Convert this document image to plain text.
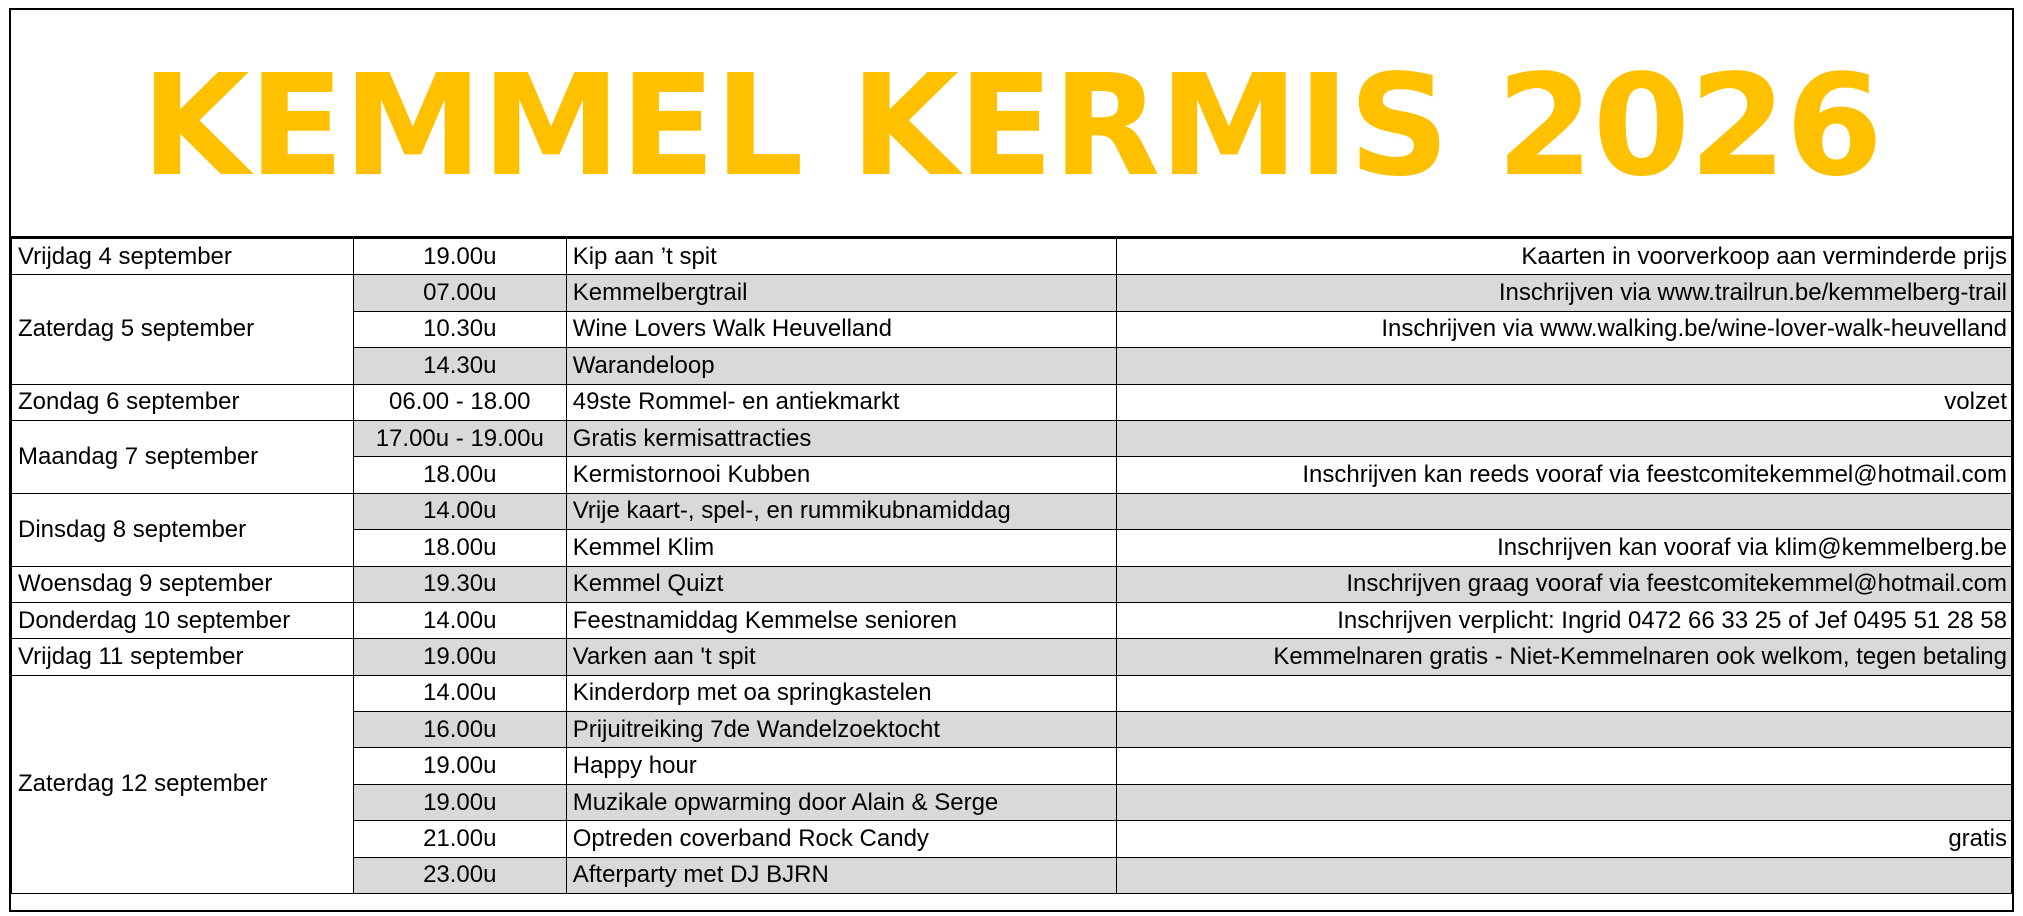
KEMMEL KERMIS 2026
Vrijdag 4 september	19.00u	Kip aan ’t spit	Kaarten in voorverkoop aan verminderde prijs
Zaterdag 5 september	07.00u	Kemmelbergtrail	Inschrijven via www.trailrun.be/kemmelberg-trail
	10.30u	Wine Lovers Walk Heuvelland	Inschrijven via www.walking.be/wine-lover-walk-heuvelland
	14.30u	Warandeloop	
Zondag 6 september	06.00 - 18.00	49ste Rommel- en antiekmarkt	volzet
Maandag 7 september	17.00u - 19.00u	Gratis kermisattracties	
	18.00u	Kermistornooi Kubben	Inschrijven kan reeds vooraf via feestcomitekemmel@hotmail.com
Dinsdag 8 september	14.00u	Vrije kaart-, spel-, en rummikubnamiddag	
	18.00u	Kemmel Klim	Inschrijven kan vooraf via klim@kemmelberg.be
Woensdag 9 september	19.30u	Kemmel Quizt	Inschrijven graag vooraf via feestcomitekemmel@hotmail.com
Donderdag 10 september	14.00u	Feestnamiddag Kemmelse senioren	Inschrijven verplicht: Ingrid 0472 66 33 25 of Jef 0495 51 28 58
Vrijdag 11 september	19.00u	Varken aan 't spit	Kemmelnaren gratis - Niet-Kemmelnaren ook welkom, tegen betaling
Zaterdag 12 september	14.00u	Kinderdorp met oa springkastelen	
	16.00u	Prijuitreiking 7de Wandelzoektocht	
	19.00u	Happy hour	
	19.00u	Muzikale opwarming door Alain & Serge	
	21.00u	Optreden coverband Rock Candy	gratis
	23.00u	Afterparty met DJ BJRN	
